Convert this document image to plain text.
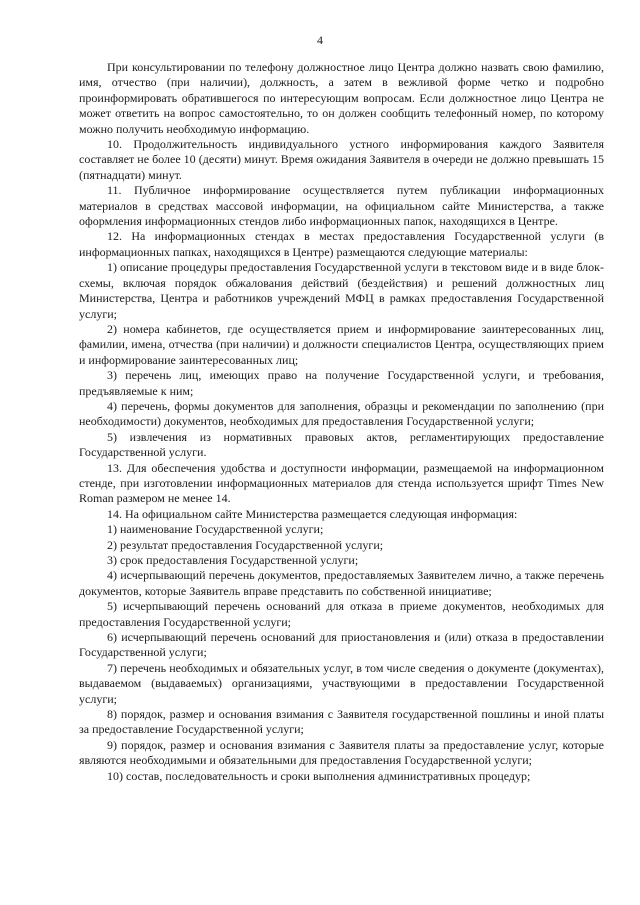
4

При консультировании по телефону должностное лицо Центра должно назвать свою фамилию, имя, отчество (при наличии), должность, а затем в вежливой форме четко и подробно проинформировать обратившегося по интересующим вопросам. Если должностное лицо Центра не может ответить на вопрос самостоятельно, то он должен сообщить телефонный номер, по которому можно получить необходимую информацию.

10. Продолжительность индивидуального устного информирования каждого Заявителя составляет не более 10 (десяти) минут. Время ожидания Заявителя в очереди не должно превышать 15 (пятнадцати) минут.

11. Публичное информирование осуществляется путем публикации информационных материалов в средствах массовой информации, на официальном сайте Министерства, а также оформления информационных стендов либо информационных папок, находящихся в Центре.

12. На информационных стендах в местах предоставления Государственной услуги (в информационных папках, находящихся в Центре) размещаются следующие материалы:

1) описание процедуры предоставления Государственной услуги в текстовом виде и в виде блок-схемы, включая порядок обжалования действий (бездействия) и решений должностных лиц Министерства, Центра и работников учреждений МФЦ в рамках предоставления Государственной услуги;

2) номера кабинетов, где осуществляется прием и информирование заинтересованных лиц, фамилии, имена, отчества (при наличии) и должности специалистов Центра, осуществляющих прием и информирование заинтересованных лиц;

3) перечень лиц, имеющих право на получение Государственной услуги, и требования, предъявляемые к ним;

4) перечень, формы документов для заполнения, образцы и рекомендации по заполнению (при необходимости) документов, необходимых для предоставления Государственной услуги;

5) извлечения из нормативных правовых актов, регламентирующих предоставление Государственной услуги.

13. Для обеспечения удобства и доступности информации, размещаемой на информационном стенде, при изготовлении информационных материалов для стенда используется шрифт Times New Roman размером не менее 14.

14. На официальном сайте Министерства размещается следующая информация:

1) наименование Государственной услуги;

2) результат предоставления Государственной услуги;

3) срок предоставления Государственной услуги;

4) исчерпывающий перечень документов, предоставляемых Заявителем лично, а также перечень документов, которые Заявитель вправе представить по собственной инициативе;

5) исчерпывающий перечень оснований для отказа в приеме документов, необходимых для предоставления Государственной услуги;

6) исчерпывающий перечень оснований для приостановления и (или) отказа в предоставлении Государственной услуги;

7) перечень необходимых и обязательных услуг, в том числе сведения о документе (документах), выдаваемом (выдаваемых) организациями, участвующими в предоставлении Государственной услуги;

8) порядок, размер и основания взимания с Заявителя государственной пошлины и иной платы за предоставление Государственной услуги;

9) порядок, размер и основания взимания с Заявителя платы за предоставление услуг, которые являются необходимыми и обязательными для предоставления Государственной услуги;

10) состав, последовательность и сроки выполнения административных процедур;
